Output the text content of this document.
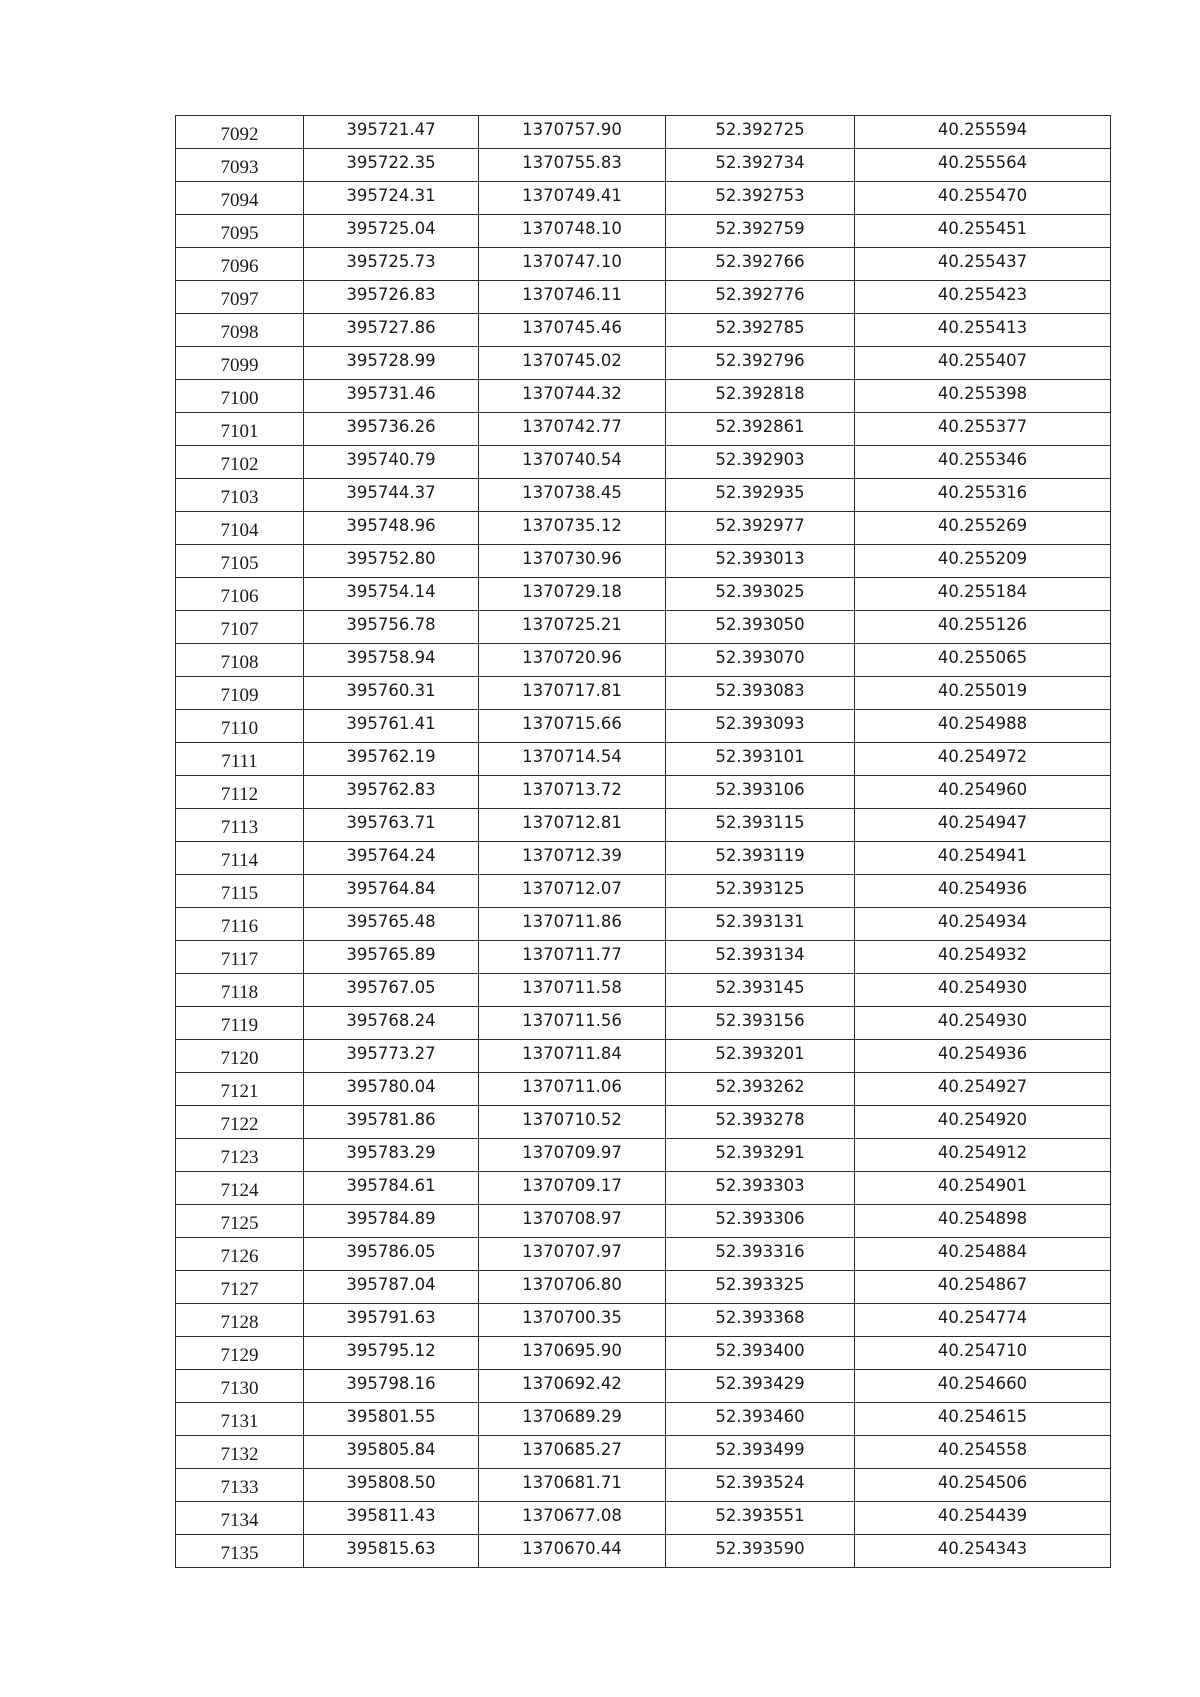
7092	395721.47	1370757.90	52.392725	40.255594
7093	395722.35	1370755.83	52.392734	40.255564
7094	395724.31	1370749.41	52.392753	40.255470
7095	395725.04	1370748.10	52.392759	40.255451
7096	395725.73	1370747.10	52.392766	40.255437
7097	395726.83	1370746.11	52.392776	40.255423
7098	395727.86	1370745.46	52.392785	40.255413
7099	395728.99	1370745.02	52.392796	40.255407
7100	395731.46	1370744.32	52.392818	40.255398
7101	395736.26	1370742.77	52.392861	40.255377
7102	395740.79	1370740.54	52.392903	40.255346
7103	395744.37	1370738.45	52.392935	40.255316
7104	395748.96	1370735.12	52.392977	40.255269
7105	395752.80	1370730.96	52.393013	40.255209
7106	395754.14	1370729.18	52.393025	40.255184
7107	395756.78	1370725.21	52.393050	40.255126
7108	395758.94	1370720.96	52.393070	40.255065
7109	395760.31	1370717.81	52.393083	40.255019
7110	395761.41	1370715.66	52.393093	40.254988
7111	395762.19	1370714.54	52.393101	40.254972
7112	395762.83	1370713.72	52.393106	40.254960
7113	395763.71	1370712.81	52.393115	40.254947
7114	395764.24	1370712.39	52.393119	40.254941
7115	395764.84	1370712.07	52.393125	40.254936
7116	395765.48	1370711.86	52.393131	40.254934
7117	395765.89	1370711.77	52.393134	40.254932
7118	395767.05	1370711.58	52.393145	40.254930
7119	395768.24	1370711.56	52.393156	40.254930
7120	395773.27	1370711.84	52.393201	40.254936
7121	395780.04	1370711.06	52.393262	40.254927
7122	395781.86	1370710.52	52.393278	40.254920
7123	395783.29	1370709.97	52.393291	40.254912
7124	395784.61	1370709.17	52.393303	40.254901
7125	395784.89	1370708.97	52.393306	40.254898
7126	395786.05	1370707.97	52.393316	40.254884
7127	395787.04	1370706.80	52.393325	40.254867
7128	395791.63	1370700.35	52.393368	40.254774
7129	395795.12	1370695.90	52.393400	40.254710
7130	395798.16	1370692.42	52.393429	40.254660
7131	395801.55	1370689.29	52.393460	40.254615
7132	395805.84	1370685.27	52.393499	40.254558
7133	395808.50	1370681.71	52.393524	40.254506
7134	395811.43	1370677.08	52.393551	40.254439
7135	395815.63	1370670.44	52.393590	40.254343
